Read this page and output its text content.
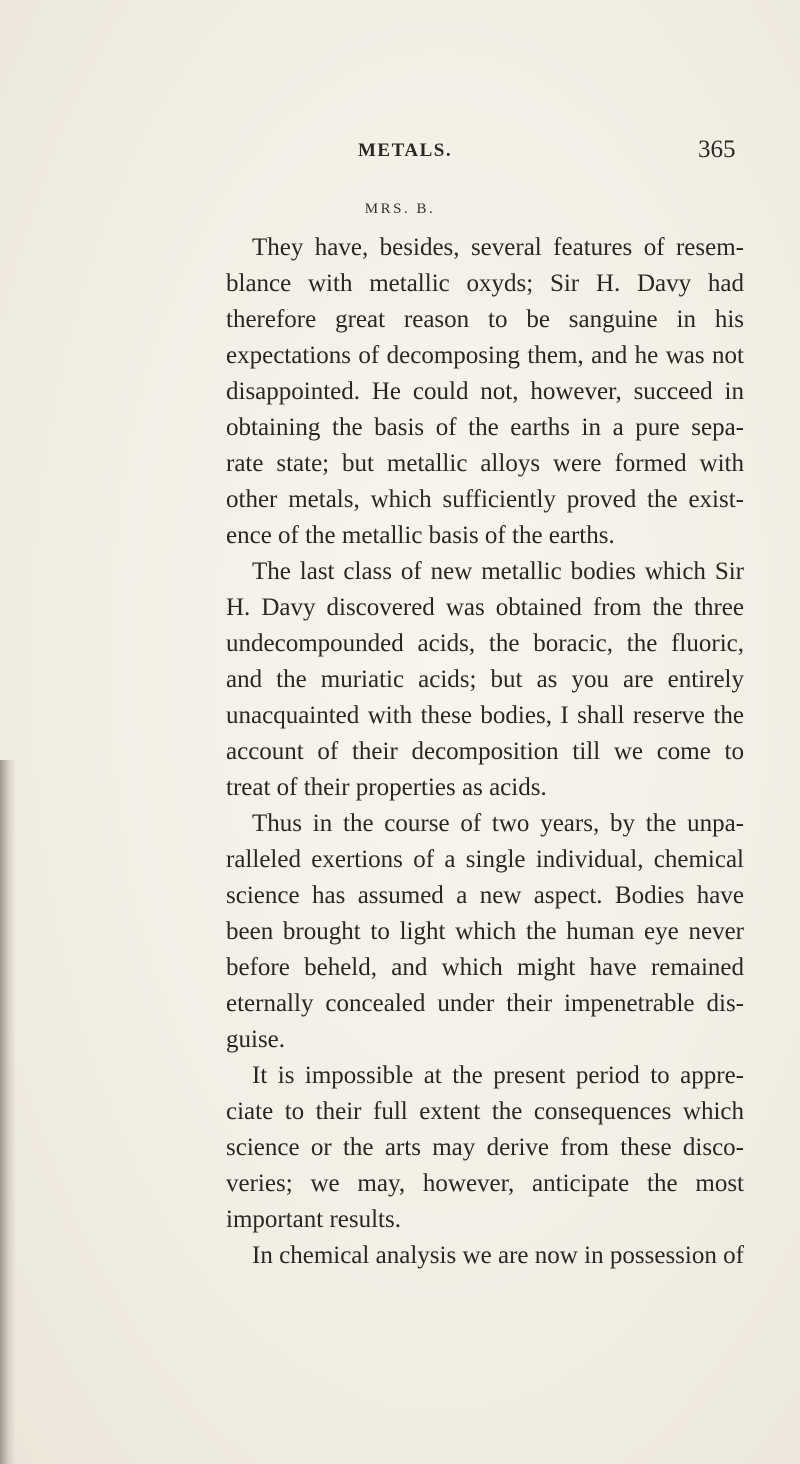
METALS.	365
MRS. B.
They have, besides, several features of resem-
blance with metallic oxyds; Sir H. Davy had
therefore great reason to be sanguine in his
expectations of decomposing them, and he was not
disappointed. He could not, however, succeed in
obtaining the basis of the earths in a pure sepa-
rate state; but metallic alloys were formed with
other metals, which sufficiently proved the exist-
ence of the metallic basis of the earths.
The last class of new metallic bodies which Sir
H. Davy discovered was obtained from the three
undecompounded acids, the boracic, the fluoric,
and the muriatic acids; but as you are entirely
unacquainted with these bodies, I shall reserve the
account of their decomposition till we come to
treat of their properties as acids.
Thus in the course of two years, by the unpa-
ralleled exertions of a single individual, chemical
science has assumed a new aspect. Bodies have
been brought to light which the human eye never
before beheld, and which might have remained
eternally concealed under their impenetrable dis-
guise.
It is impossible at the present period to appre-
ciate to their full extent the consequences which
science or the arts may derive from these disco-
veries; we may, however, anticipate the most
important results.
In chemical analysis we are now in possession of
